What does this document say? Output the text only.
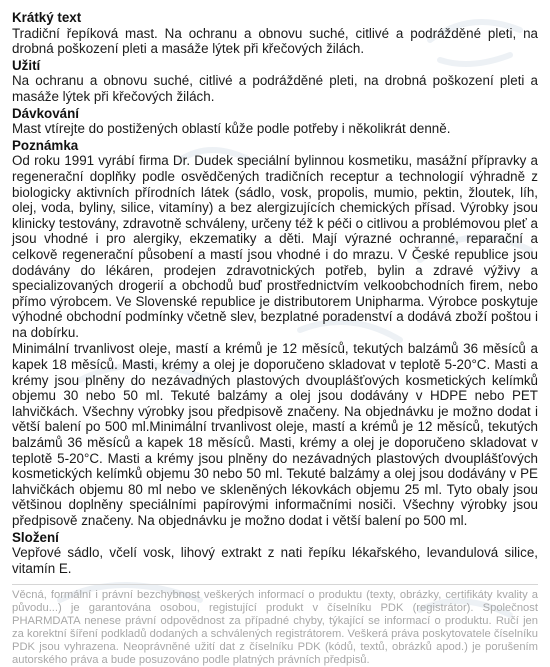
Krátký text

Tradiční řepíková mast. Na ochranu a obnovu suché, citlivé a podrážděné pleti, na drobná poškození pleti a masáže lýtek při křečových žilách.

Užití

Na ochranu a obnovu suché, citlivé a podrážděné pleti, na drobná poškození pleti a masáže lýtek při křečových žilách.

Dávkování

Mast vtírejte do postižených oblastí kůže podle potřeby i několikrát denně.

Poznámka

Od roku 1991 vyrábí firma Dr. Dudek speciální bylinnou kosmetiku, masážní přípravky a regenerační doplňky podle osvědčených tradičních receptur a technologií výhradně z biologicky aktivních přírodních látek (sádlo, vosk, propolis, mumio, pektin, žloutek, líh, olej, voda, byliny, silice, vitamíny) a bez alergizujících chemických přísad. Výrobky jsou klinicky testovány, zdravotně schváleny, určeny též k péči o citlivou a problémovou pleť a jsou vhodné i pro alergiky, ekzematiky a děti. Mají výrazné ochranné, reparační a celkově regenerační působení a mastí jsou vhodné i do mrazu. V České republice jsou dodávány do lékáren, prodejen zdravotnických potřeb, bylin a zdravé výživy a specializovaných drogerií a obchodů buď prostřednictvím velkoobchodních firem, nebo přímo výrobcem. Ve Slovenské republice je distributorem Unipharma. Výrobce poskytuje výhodné obchodní podmínky včetně slev, bezplatné poradenství a dodává zboží poštou i na dobírku.

Minimální trvanlivost oleje, mastí a krémů je 12 měsíců, tekutých balzámů 36 měsíců a kapek 18 měsíců. Masti, krémy a olej je doporučeno skladovat v teplotě 5-20°C. Masti a krémy jsou plněny do nezávadných plastových dvouplášťových kosmetických kelímků objemu 30 nebo 50 ml. Tekuté balzámy a olej jsou dodávány v HDPE nebo PET lahvičkách. Všechny výrobky jsou předpisově značeny. Na objednávku je možno dodat i větší balení po 500 ml.Minimální trvanlivost oleje, mastí a krémů je 12 měsíců, tekutých balzámů 36 měsíců a kapek 18 měsíců. Masti, krémy a olej je doporučeno skladovat v teplotě 5-20°C. Masti a krémy jsou plněny do nezávadných plastových dvouplášťových kosmetických kelímků objemu 30 nebo 50 ml. Tekuté balzámy a olej jsou dodávány v PE lahvičkách objemu 80 ml nebo ve skleněných lékovkách objemu 25 ml. Tyto obaly jsou většinou doplněny speciálními papírovými informačními nosiči. Všechny výrobky jsou předpisově značeny. Na objednávku je možno dodat i větší balení po 500 ml.

Složení

Vepřové sádlo, včelí vosk, lihový extrakt z nati řepíku lékařského, levandulová silice, vitamín E.

Věcná, formální i právní bezchybnost veškerých informací o produktu (texty, obrázky, certifikáty kvality a původu...) je garantována osobou, registující produkt v číselníku PDK (registrátor). Společnost PHARMDATA nenese právní odpovědnost za případné chyby, týkající se informací o produktu. Ručí jen za korektní šíření podkladů dodaných a schválených registrátorem. Veškerá práva poskytovatele číselníku PDK jsou vyhrazena. Neoprávněné užití dat z číselníku PDK (kódů, textů, obrázků apod.) je porušením autorského práva a bude posuzováno podle platných právních předpisů.
